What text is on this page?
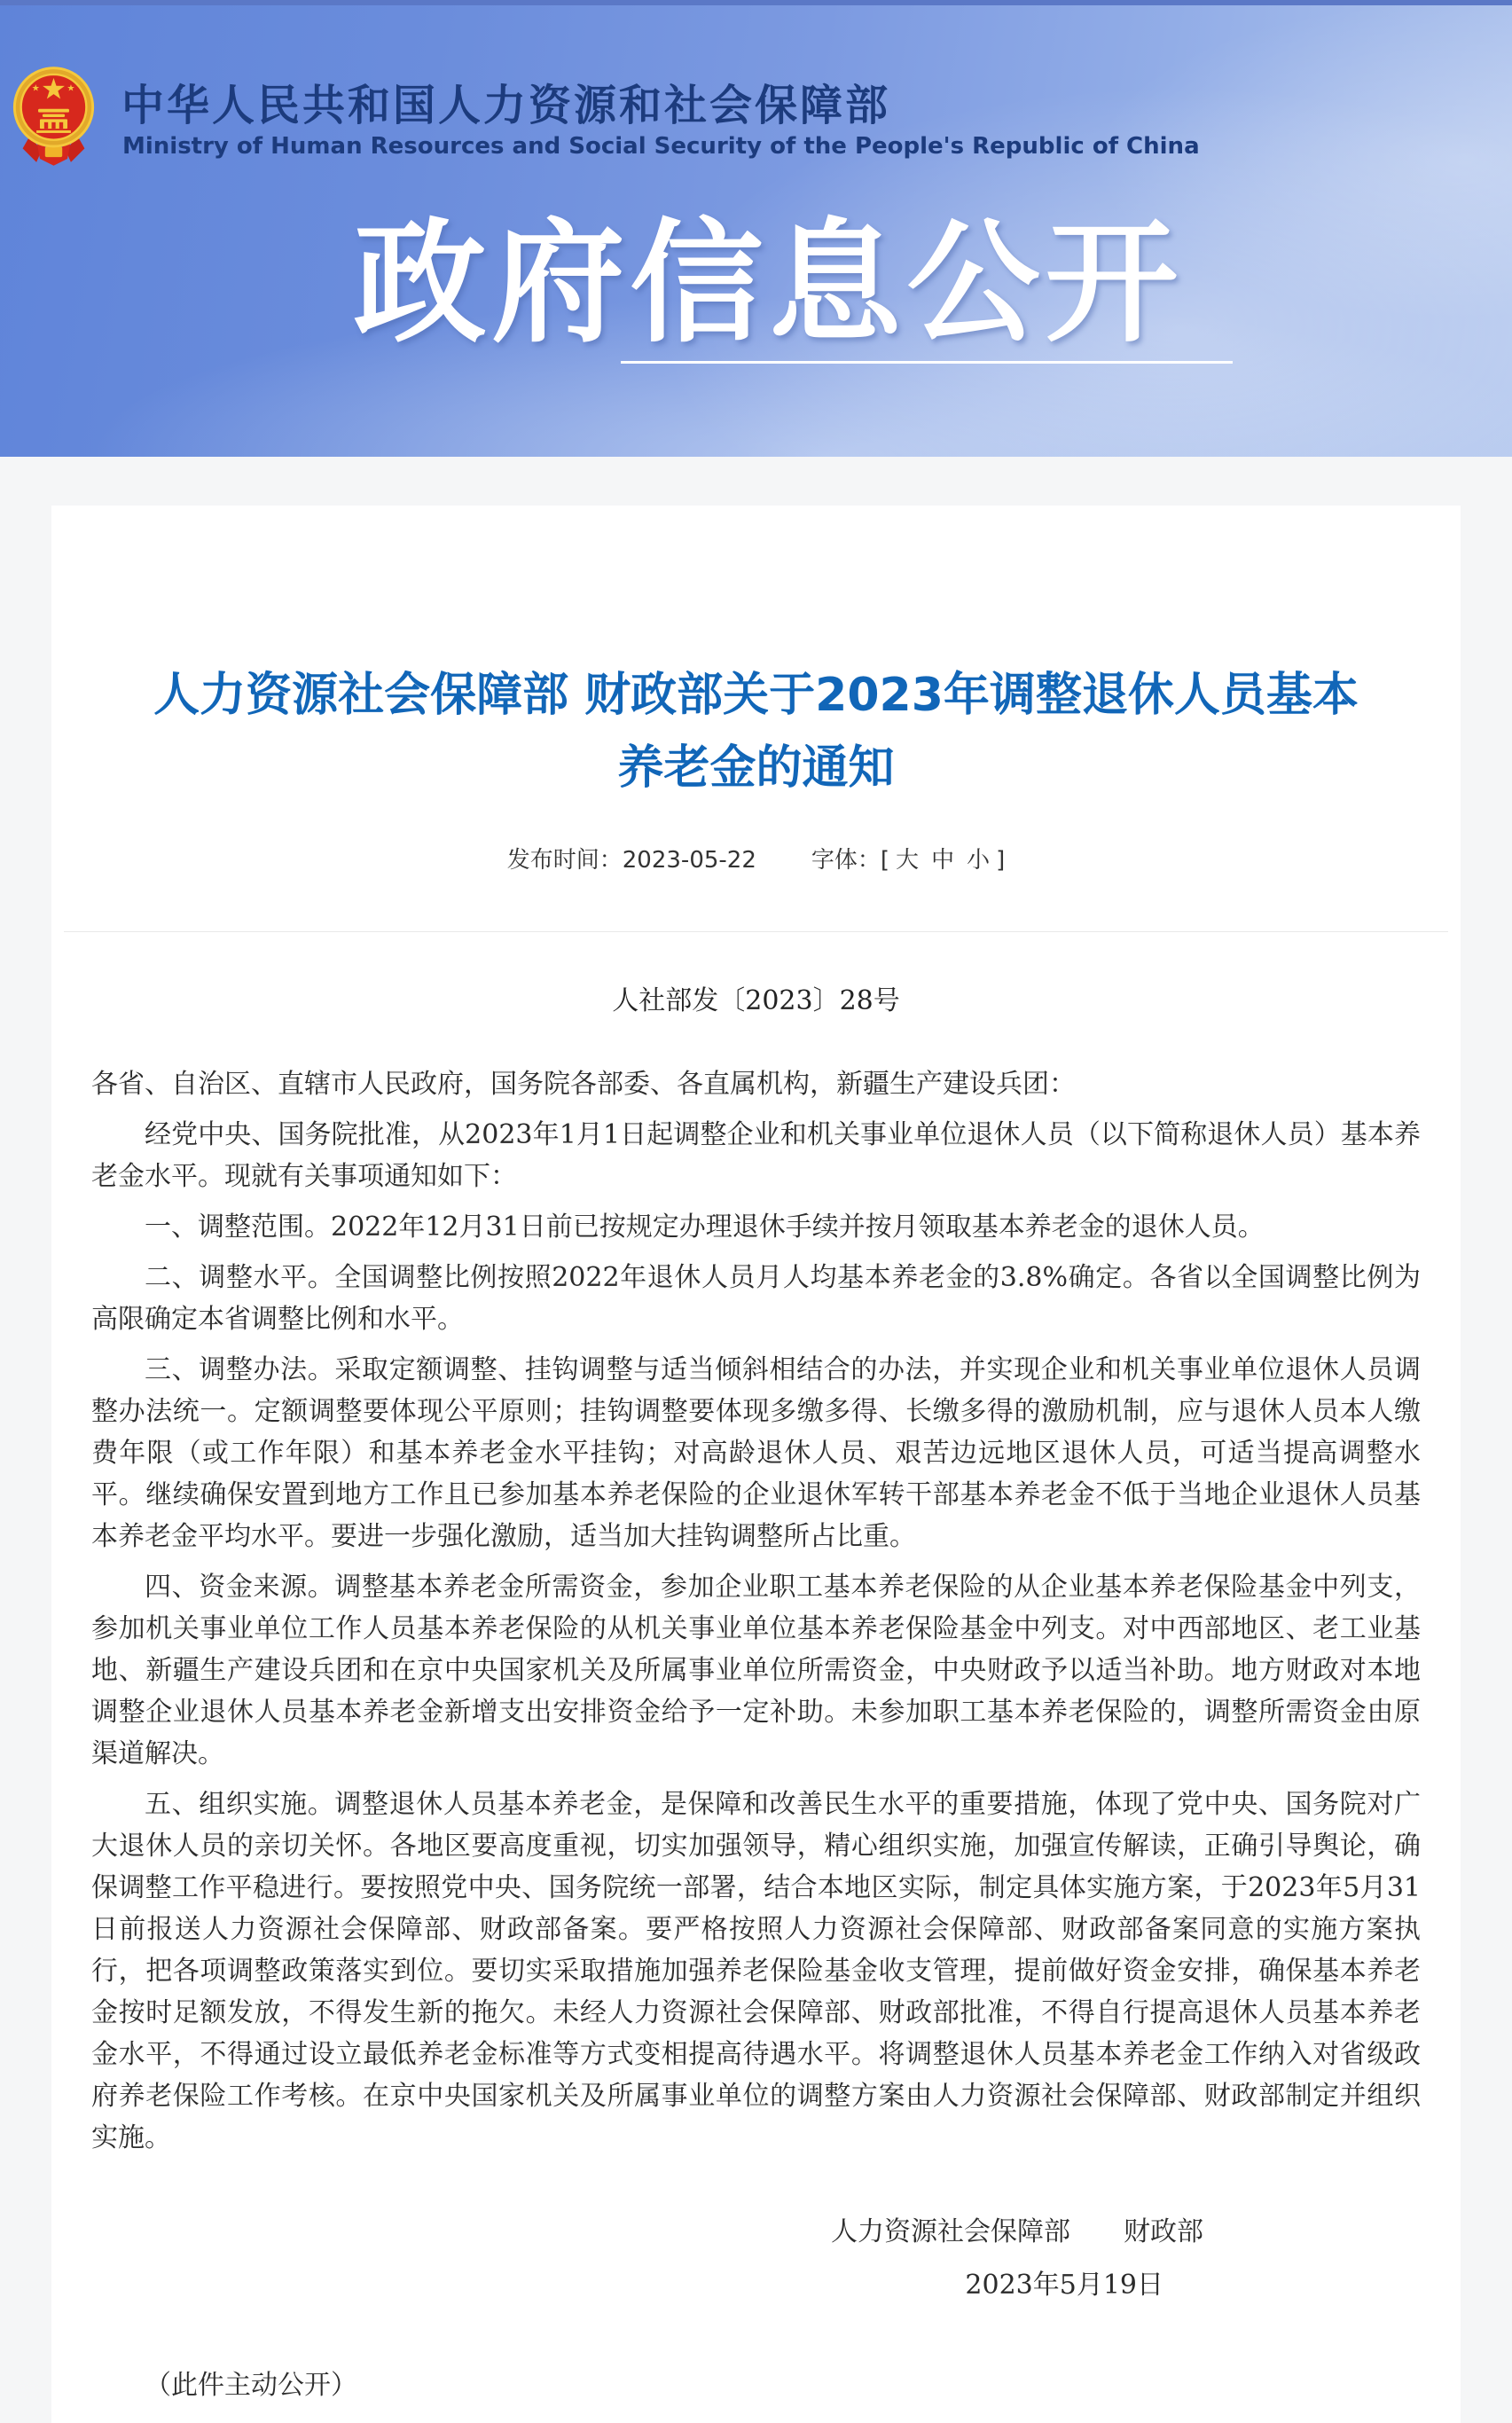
中华人民共和国人力资源和社会保障部
Ministry of Human Resources and Social Security of the People's Republic of China
政府信息公开
人力资源社会保障部 财政部关于2023年调整退休人员基本养老金的通知
发布时间：2023-05-22 字体：[ 大 中 小 ]
人社部发〔2023〕28号

各省、自治区、直辖市人民政府，国务院各部委、各直属机构，新疆生产建设兵团：

经党中央、国务院批准，从2023年1月1日起调整企业和机关事业单位退休人员（以下简称退休人员）基本养老金水平。现就有关事项通知如下：

一、调整范围。2022年12月31日前已按规定办理退休手续并按月领取基本养老金的退休人员。

二、调整水平。全国调整比例按照2022年退休人员月人均基本养老金的3.8%确定。各省以全国调整比例为高限确定本省调整比例和水平。

三、调整办法。采取定额调整、挂钩调整与适当倾斜相结合的办法，并实现企业和机关事业单位退休人员调整办法统一。定额调整要体现公平原则；挂钩调整要体现多缴多得、长缴多得的激励机制，应与退休人员本人缴费年限（或工作年限）和基本养老金水平挂钩；对高龄退休人员、艰苦边远地区退休人员，可适当提高调整水平。继续确保安置到地方工作且已参加基本养老保险的企业退休军转干部基本养老金不低于当地企业退休人员基本养老金平均水平。要进一步强化激励，适当加大挂钩调整所占比重。

四、资金来源。调整基本养老金所需资金，参加企业职工基本养老保险的从企业基本养老保险基金中列支，参加机关事业单位工作人员基本养老保险的从机关事业单位基本养老保险基金中列支。对中西部地区、老工业基地、新疆生产建设兵团和在京中央国家机关及所属事业单位所需资金，中央财政予以适当补助。地方财政对本地调整企业退休人员基本养老金新增支出安排资金给予一定补助。未参加职工基本养老保险的，调整所需资金由原渠道解决。

五、组织实施。调整退休人员基本养老金，是保障和改善民生水平的重要措施，体现了党中央、国务院对广大退休人员的亲切关怀。各地区要高度重视，切实加强领导，精心组织实施，加强宣传解读，正确引导舆论，确保调整工作平稳进行。要按照党中央、国务院统一部署，结合本地区实际，制定具体实施方案，于2023年5月31日前报送人力资源社会保障部、财政部备案。要严格按照人力资源社会保障部、财政部备案同意的实施方案执行，把各项调整政策落实到位。要切实采取措施加强养老保险基金收支管理，提前做好资金安排，确保基本养老金按时足额发放，不得发生新的拖欠。未经人力资源社会保障部、财政部批准，不得自行提高退休人员基本养老金水平，不得通过设立最低养老金标准等方式变相提高待遇水平。将调整退休人员基本养老金工作纳入对省级政府养老保险工作考核。在京中央国家机关及所属事业单位的调整方案由人力资源社会保障部、财政部制定并组织实施。

人力资源社会保障部　　财政部
2023年5月19日
（此件主动公开）
